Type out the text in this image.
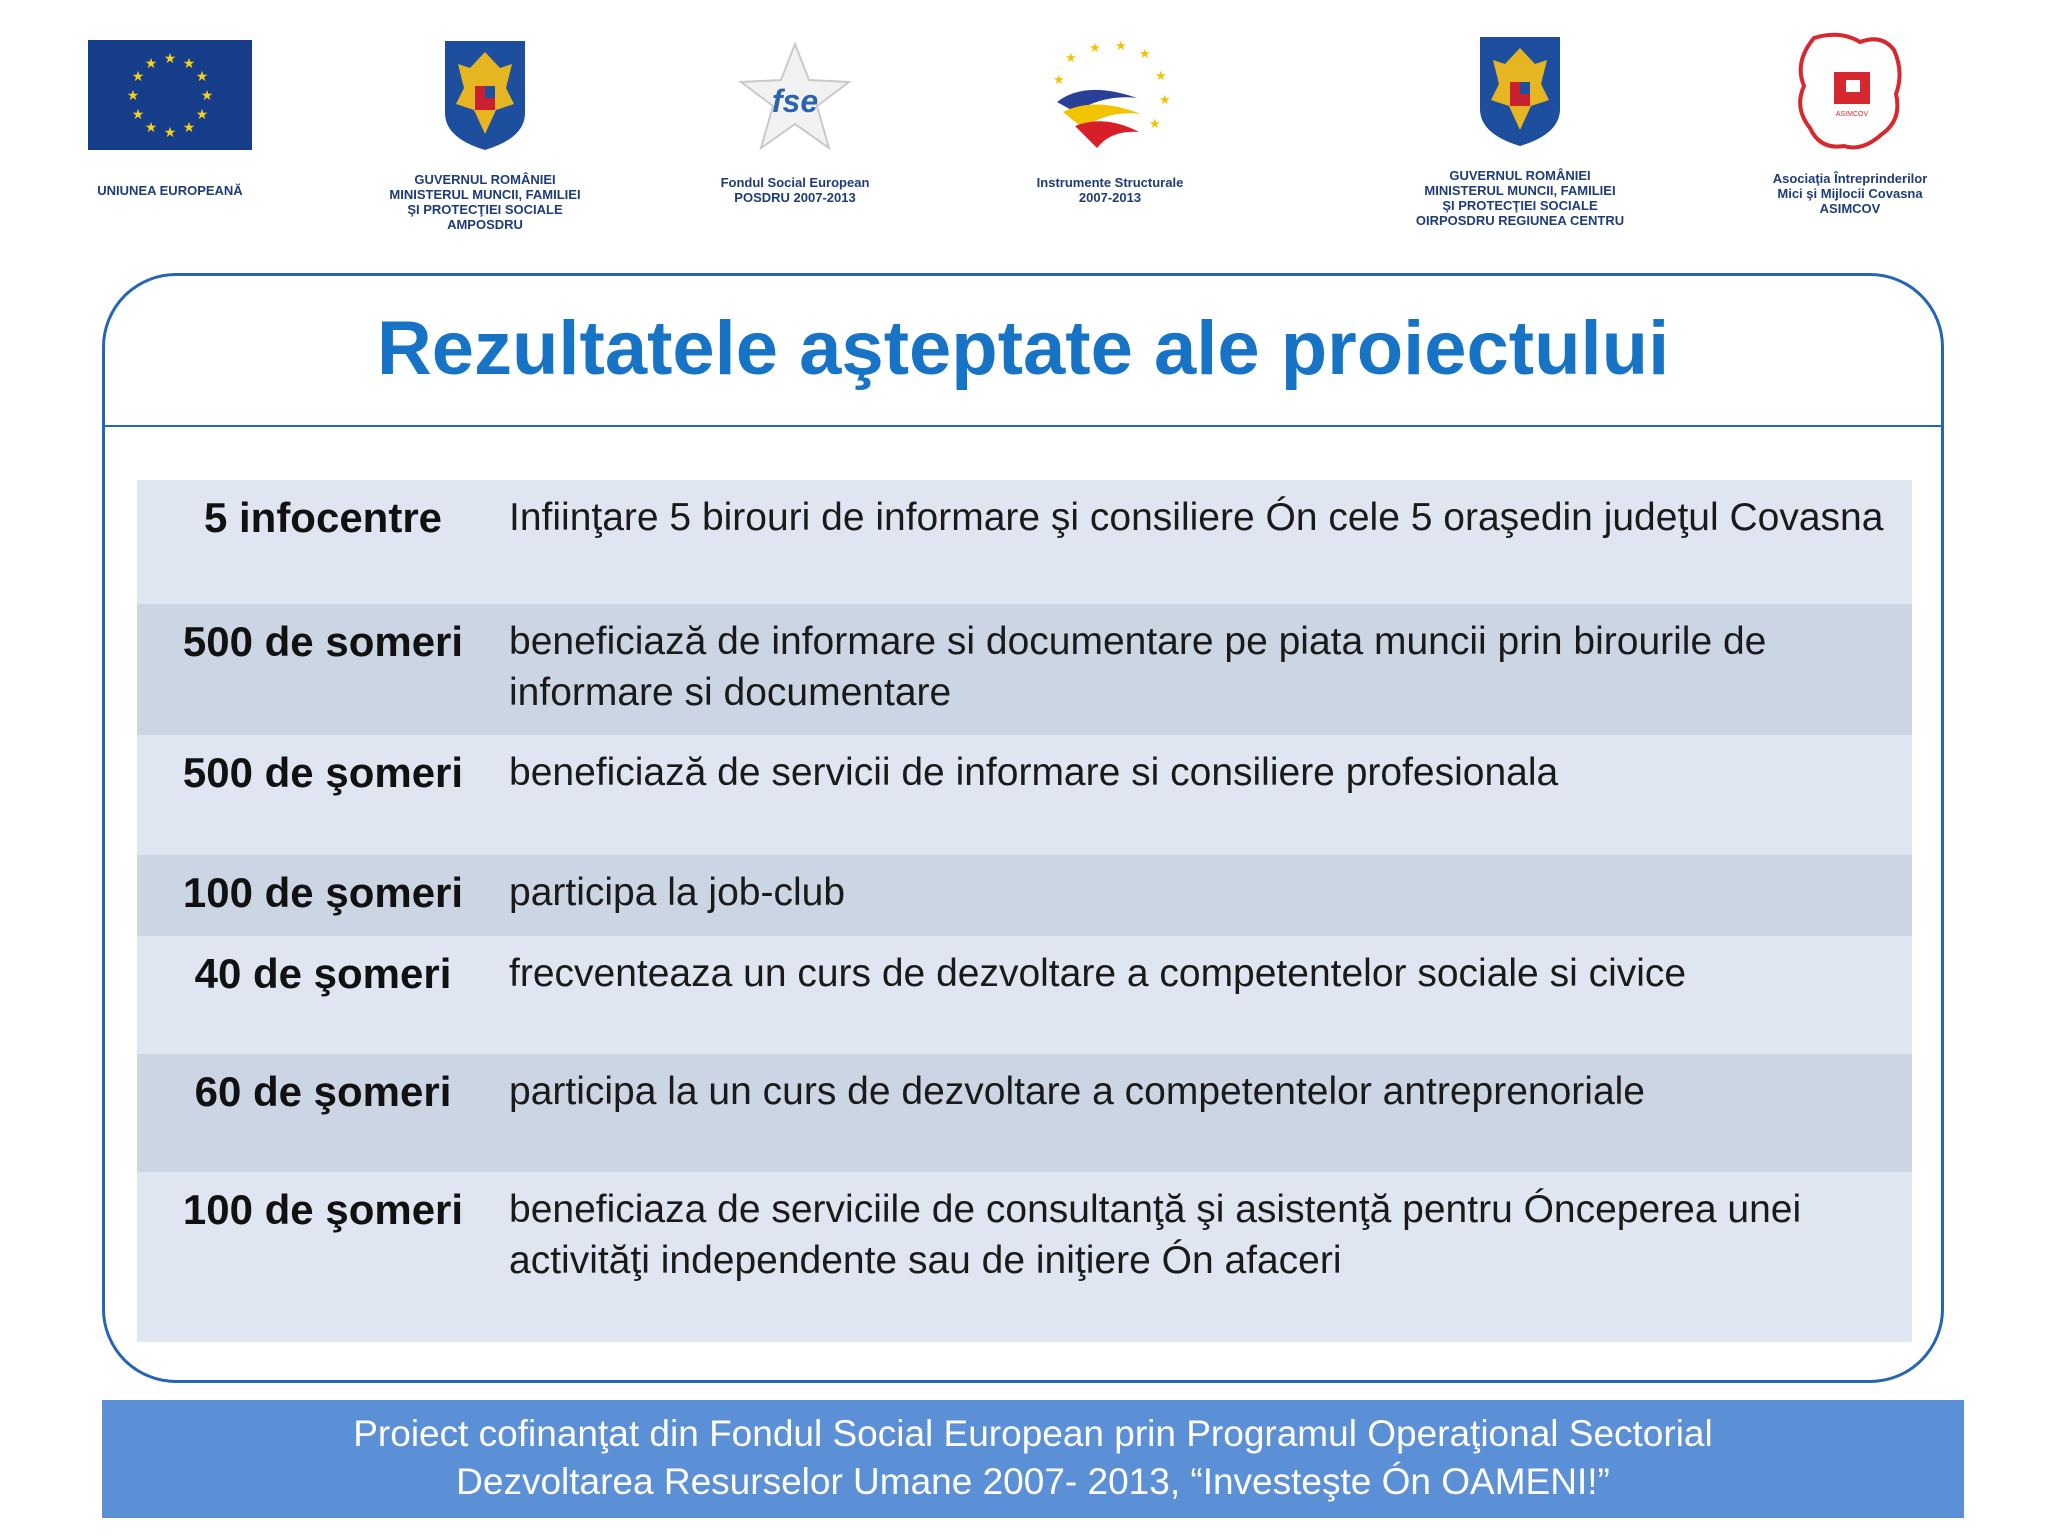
★ ★
★
★
★
★
★
★
★
★
★
★
UNIUNEA EUROPEANĂ
GUVERNUL ROMÂNIEI
MINISTERUL MUNCII, FAMILIEI
ŞI PROTECŢIEI SOCIALE
AMPOSDRU
fse
Fondul Social European
POSDRU 2007-2013
★
★ ★
★
★
★
★
★
Instrumente Structurale
2007-2013
GUVERNUL ROMÂNIEI
MINISTERUL MUNCII, FAMILIEI
ŞI PROTECŢIEI SOCIALE
OIRPOSDRU REGIUNEA CENTRU
ASIMCOV
Asociaţia Întreprinderilor
Mici şi Mijlocii Covasna
ASIMCOV
Rezultatele aşteptate ale proiectului
5 infocentre	Infiinţare 5 birouri de informare şi consiliere Ón cele 5 oraşedin judeţul Covasna
500 de someri	beneficiază de informare si documentare pe piata muncii prin birourile de informare si documentare
500 de şomeri	beneficiază de servicii de informare si consiliere profesionala
100 de şomeri	participa la job-club
40 de şomeri	frecventeaza un curs de dezvoltare a competentelor sociale si civice
60 de şomeri	participa la un curs de dezvoltare a competentelor antreprenoriale
100 de şomeri	beneficiaza de serviciile de consultanţă şi asistenţă pentru Ónceperea unei activităţi independente sau de iniţiere Ón afaceri
Proiect cofinanţat din Fondul Social European prin Programul Operaţional Sectorial
Dezvoltarea Resurselor Umane 2007- 2013, “Investeşte Ón OAMENI!”
